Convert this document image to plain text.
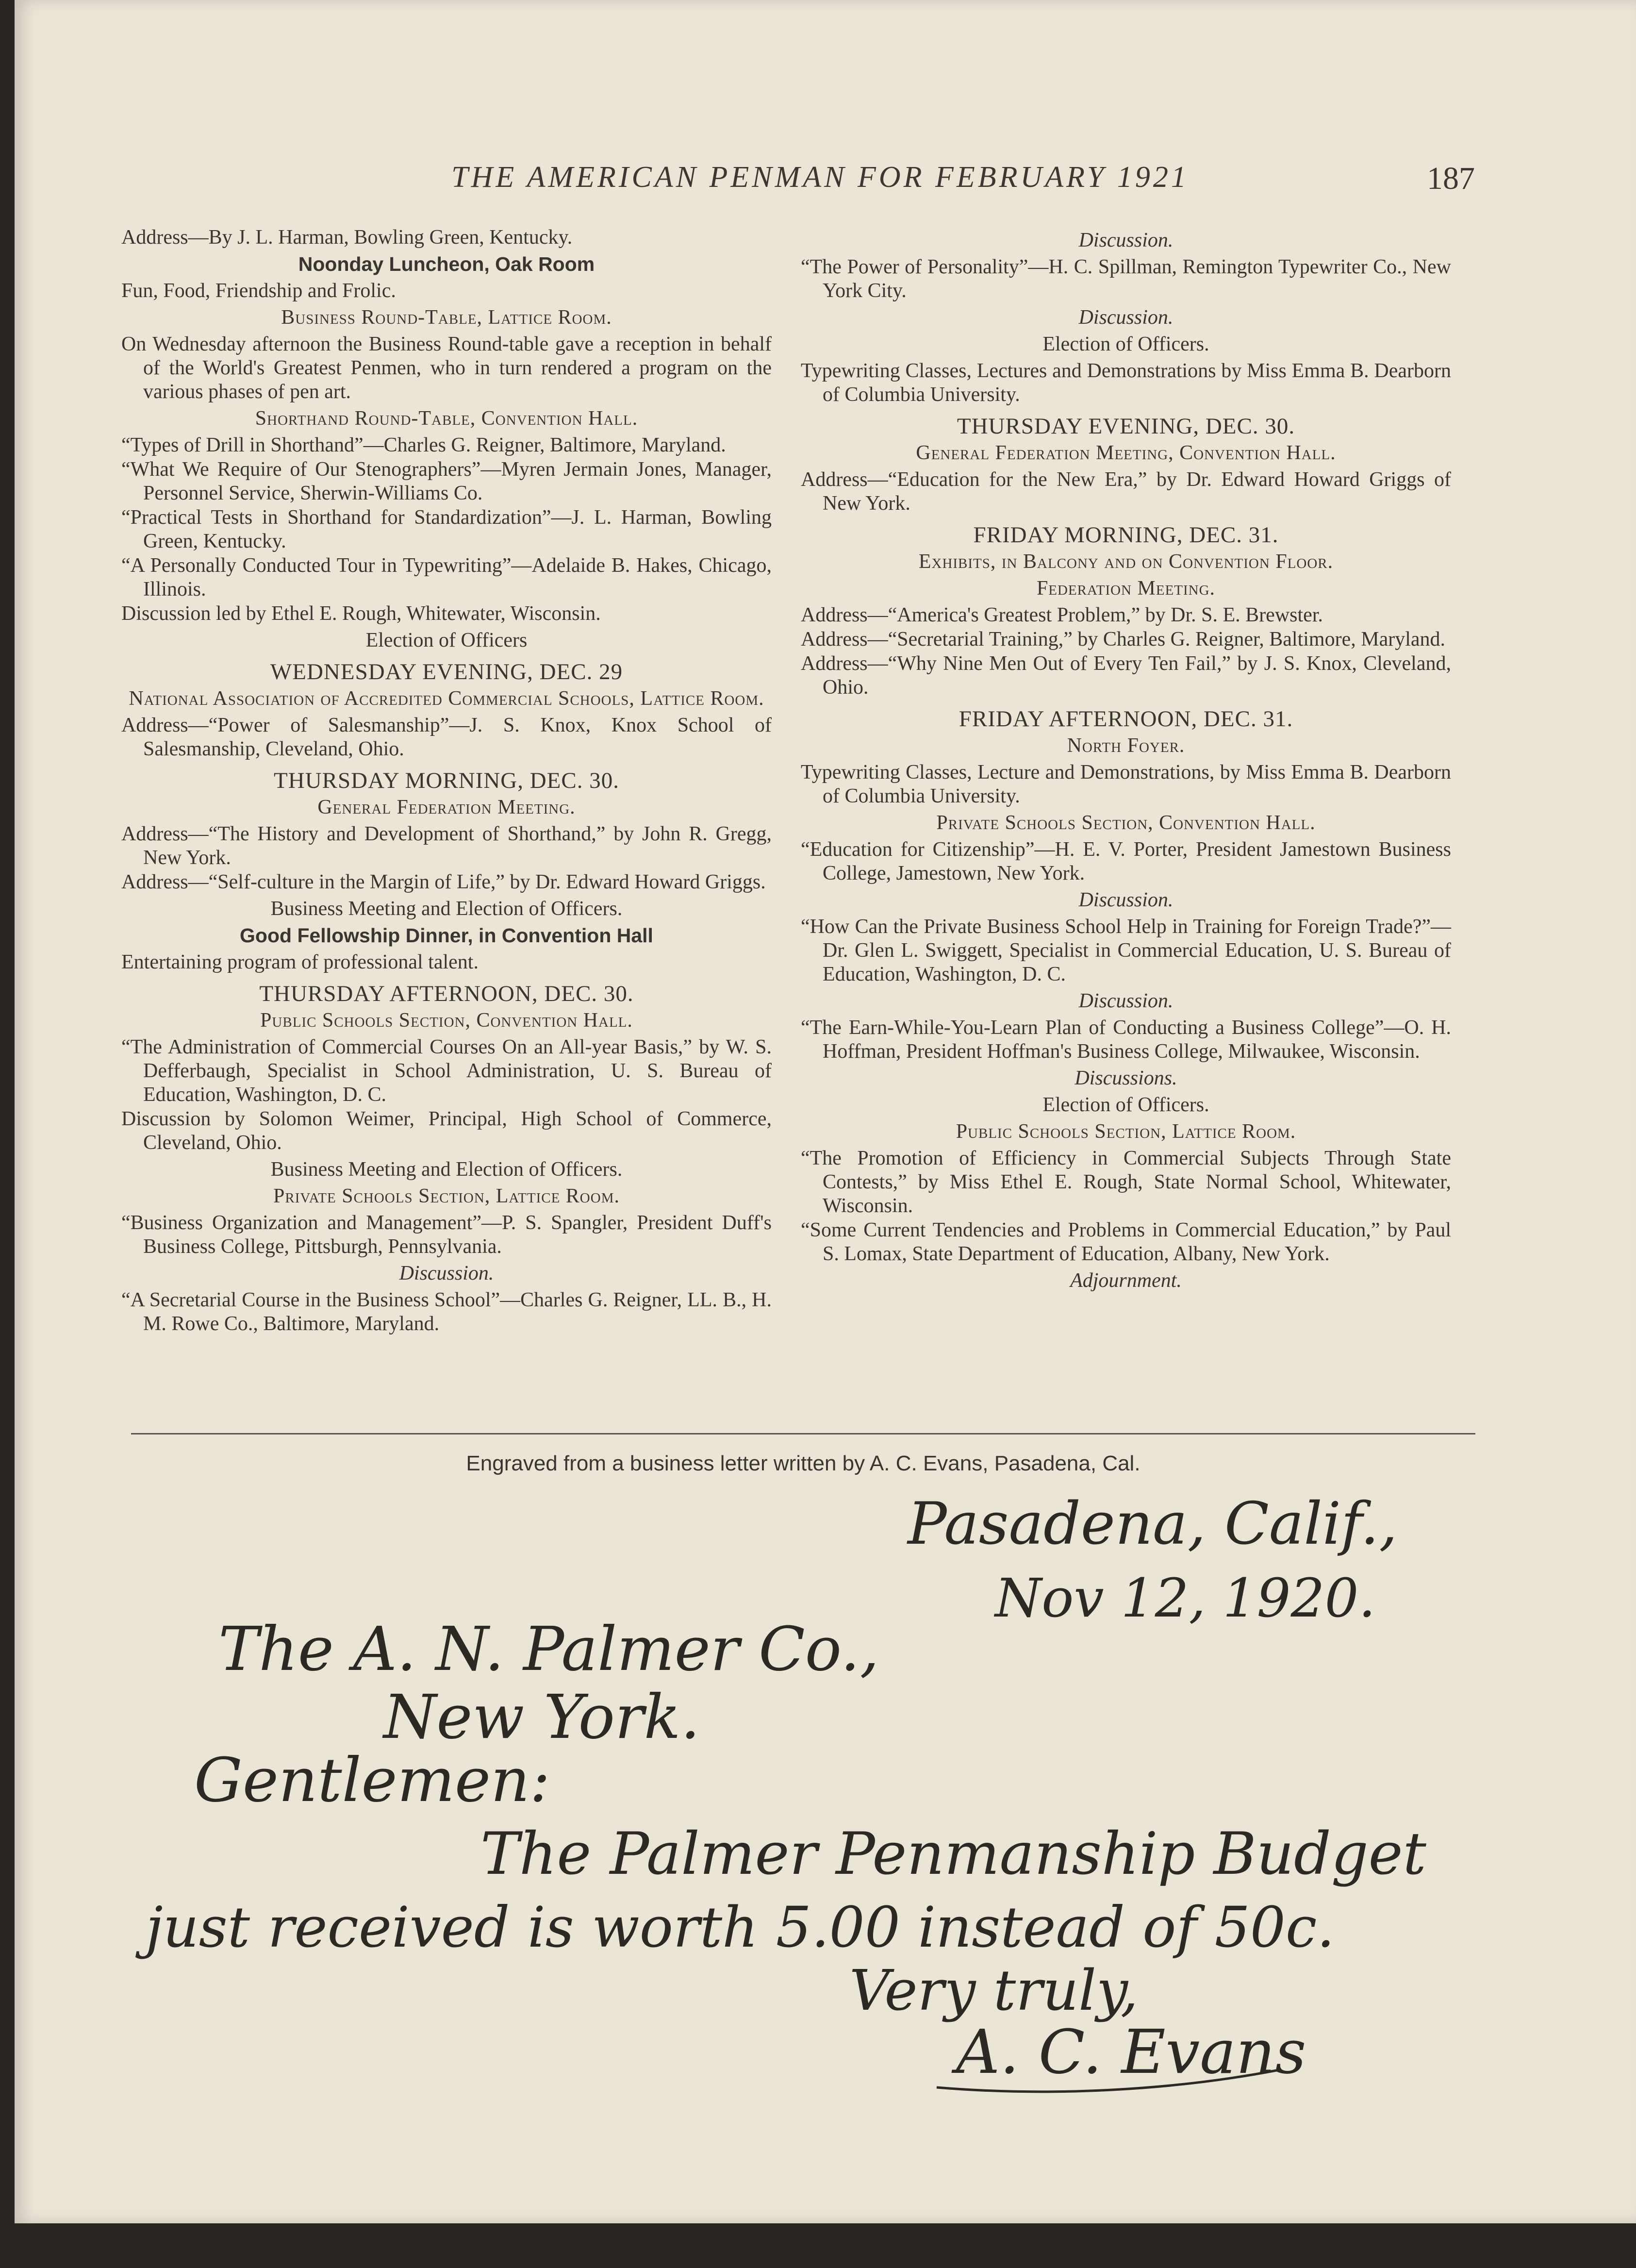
THE AMERICAN PENMAN FOR FEBRUARY 1921	187
Address—By J. L. Harman, Bowling Green, Kentucky.
Noonday Luncheon, Oak Room
Fun, Food, Friendship and Frolic.
Business Round-Table, Lattice Room.
On Wednesday afternoon the Business Round-table gave a reception in behalf of the World's Greatest Penmen, who in turn rendered a program on the various phases of pen art.
Shorthand Round-Table, Convention Hall.
“Types of Drill in Shorthand”—Charles G. Reigner, Baltimore, Maryland.
“What We Require of Our Stenographers”—Myren Jermain Jones, Manager, Personnel Service, Sherwin-Williams Co.
“Practical Tests in Shorthand for Standardization”—J. L. Harman, Bowling Green, Kentucky.
“A Personally Conducted Tour in Typewriting”—Adelaide B. Hakes, Chicago, Illinois.
Discussion led by Ethel E. Rough, Whitewater, Wisconsin.
Election of Officers
WEDNESDAY EVENING, DEC. 29
National Association of Accredited Commercial Schools, Lattice Room.
Address—“Power of Salesmanship”—J. S. Knox, Knox School of Salesmanship, Cleveland, Ohio.
THURSDAY MORNING, DEC. 30.
General Federation Meeting.
Address—“The History and Development of Shorthand,” by John R. Gregg, New York.
Address—“Self-culture in the Margin of Life,” by Dr. Edward Howard Griggs.
Business Meeting and Election of Officers.
Good Fellowship Dinner, in Convention Hall
Entertaining program of professional talent.
THURSDAY AFTERNOON, DEC. 30.
Public Schools Section, Convention Hall.
“The Administration of Commercial Courses On an All-year Basis,” by W. S. Defferbaugh, Specialist in School Administration, U. S. Bureau of Education, Washington, D. C.
Discussion by Solomon Weimer, Principal, High School of Commerce, Cleveland, Ohio.
Business Meeting and Election of Officers.
Private Schools Section, Lattice Room.
“Business Organization and Management”—P. S. Spangler, President Duff's Business College, Pittsburgh, Pennsylvania.
Discussion.
“A Secretarial Course in the Business School”—Charles G. Reigner, LL. B., H. M. Rowe Co., Baltimore, Maryland.
Discussion.
“The Power of Personality”—H. C. Spillman, Remington Typewriter Co., New York City.
Discussion.
Election of Officers.
Typewriting Classes, Lectures and Demonstrations by Miss Emma B. Dearborn of Columbia University.
THURSDAY EVENING, DEC. 30.
General Federation Meeting, Convention Hall.
Address—“Education for the New Era,” by Dr. Edward Howard Griggs of New York.
FRIDAY MORNING, DEC. 31.
Exhibits, in Balcony and on Convention Floor.
Federation Meeting.
Address—“America's Greatest Problem,” by Dr. S. E. Brewster.
Address—“Secretarial Training,” by Charles G. Reigner, Baltimore, Maryland.
Address—“Why Nine Men Out of Every Ten Fail,” by J. S. Knox, Cleveland, Ohio.
FRIDAY AFTERNOON, DEC. 31.
North Foyer.
Typewriting Classes, Lecture and Demonstrations, by Miss Emma B. Dearborn of Columbia University.
Private Schools Section, Convention Hall.
“Education for Citizenship”—H. E. V. Porter, President Jamestown Business College, Jamestown, New York.
Discussion.
“How Can the Private Business School Help in Training for Foreign Trade?”—Dr. Glen L. Swiggett, Specialist in Commercial Education, U. S. Bureau of Education, Washington, D. C.
Discussion.
“The Earn-While-You-Learn Plan of Conducting a Business College”—O. H. Hoffman, President Hoffman's Business College, Milwaukee, Wisconsin.
Discussions.
Election of Officers.
Public Schools Section, Lattice Room.
“The Promotion of Efficiency in Commercial Subjects Through State Contests,” by Miss Ethel E. Rough, State Normal School, Whitewater, Wisconsin.
“Some Current Tendencies and Problems in Commercial Education,” by Paul S. Lomax, State Department of Education, Albany, New York.
Adjournment.
Engraved from a business letter written by A. C. Evans, Pasadena, Cal.
Pasadena, Calif.,
Nov 12, 1920.
The A. N. Palmer Co.,
New York.
Gentlemen:
The Palmer Penmanship Budget
just received is worth 5.00 instead of 50c.
Very truly,
A. C. Evans
